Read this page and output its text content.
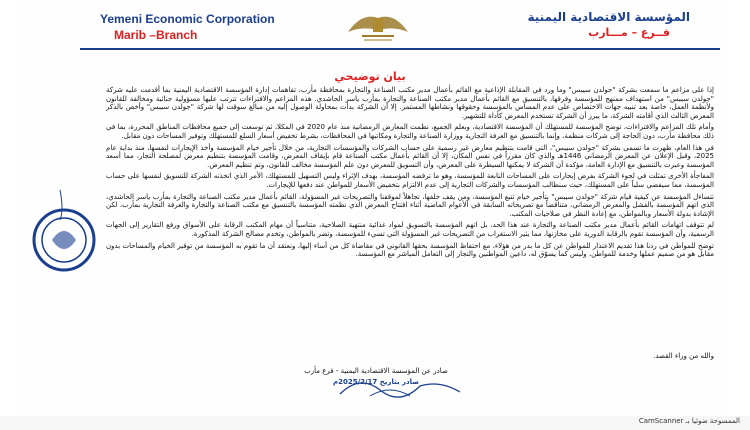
Yemeni Economic Corporation
Marib –Branch
المؤسسة الاقتصادية اليمنية
فــرع – مـــارب
بيان توضيحي

إذا على مزاعم ما سمعت بشركة "جولدن سيبس" وما ورد في المقابلة الإذاعية مع القائم بأعمال مدير مكتب الصناعة والتجارة بمحافظة مأرب، تفاهمات إدارة المؤسسة الاقتصادية اليمنية بما أقدمت عليه شركة "جولدن سيبس" من استهداف ممنهج للمؤسسة وفرقها، بالتنسيق مع القائم بأعمال مدير مكتب الصناعة والتجارة بمأرب ياسر الحاشدي. هذه المزاعم والافتراءات تترتب عليها مسؤولية جنائية ومخالفة للقانون ولأنظمة العمل، خاصة بعد تنبيه جهات الاختصاص على عدم المساس بالمؤسسة وحقوقها ونشاطها المستمر. إلا أن الشركة بدأت بمحاولة الوصول إليه من مبالغ سوقت لها شركة "جولدن سيبس" وأخص بالذكر المعرض الثالث الذي أقامته الشركة، ما يبرز أن الشركة تستخدم المعرض كأداة للتشهير.

وأمام تلك المزاعم والافتراءات، توضح المؤسسة للمستهلك أن المؤسسة الاقتصادية، وبعلم الجميع، نظمت المعارض الرمضانية منذ عام 2020 في المكلا، ثم توسعت إلى جميع محافظات المناطق المحررة، بما في ذلك محافظة مأرب، دون الحاجة إلى شركات منظمة، وإنما بالتنسيق مع الغرفة التجارية ووزارة الصناعة والتجارة ومكاتبها في المحافظات، بشرط تخفيض أسعار السلع للمستهلك وتوفير المساحات دون مقابل.

في هذا العام، ظهرت ما تسمى بشركة "جولدن سيبس"، التي قامت بتنظيم معارض غير رسمية على حساب الشركات والمؤسسات التجارية، من خلال تأجير خيام المؤسسة وأخذ الإيجارات لنفسها، منذ بداية عام 2025، وقبل الإعلان عن المعرض الرمضاني 1446هـ والذي كان مقرراً في نفس المكان، إلا أن القائم بأعمال مكتب الصناعة قام بإيقاف المعرض، وقامت المؤسسة بتنظيم معرض لمصلحة التجار، مما أسعد المؤسسة وعبرت بالتنسيق مع الإدارة العامة، مؤكدة أن الشركة لا يمكنها السيطرة على المعرض، وأن التسويق للمعرض دون علم المؤسسة مخالف للقانون، وتم تنظيم المعرض.

المفاجأة الأخرى تمثلت في لجوء الشركة بفرض إيجارات على المساحات التابعة للمؤسسة، وهو ما ترفضه المؤسسة، بهدف الإثراء وليس التسهيل للمستهلك، الأمر الذي اتخذته الشركة للتسويق لنفسها على حساب المؤسسة، مما سيفضي سلباً على المستهلك، حيث سنطالب المؤسسات والشركات التجارية إلى عدم الالتزام بتخفيض الأسعار للمواطن عند دفعها للإيجارات.

تتساءل المؤسسة عن كيفية قيام شركة "جولدن سيبس" بتأجير خيام تتبع المؤسسة، ومن يقف خلفها، تجاهلاً لموقفنا والتصريحات غير المسؤولة، القائم بأعمال مدير مكتب الصناعة والتجارة بمأرب ياسر الحاشدي، الذي اتهم المؤسسة بالفشل والمعرض الرمضاني، متناقضاً مع تصريحاته السابقة في الأعوام الماضية أثناء افتتاح المعرض الذي نظمته المؤسسة بالتنسيق مع مكتب الصناعة والتجارة والغرفة التجارية بمأرب، لكن الإشادة بدولة الأسعار وبالمواطن، مع إعادة النظر في صلاحيات المكتب.

لم تتوقف اتهامات القائم بأعمال مدير مكتب الصناعة والتجارة عند هذا الحد، بل اتهم المؤسسة بالتسويق لمواد غذائية منتهية الصلاحية، متناسياً أن مهام المكتب الرقابة على الأسواق ورفع التقارير إلى الجهات الرسمية، وأن المؤسسة تقوم بالرقابة الدورية على مخازنها، مما يثير الاستغراب من التصريحات غير المسؤولة التي تسيء للمؤسسة، وتضر بالمواطن، وتخدم مصالح الشركة المذكورة.

توضح للمواطن في ردنا هذا تقديم الاعتذار للمواطن عن كل ما بدر من هؤلاء، مع احتفاظ المؤسسة بحقها القانوني في مقاضاة كل من أساء إليها، ونعتقد أن ما تقوم به المؤسسة من توفير الخيام والمساحات بدون مقابل هو من صميم عملها وخدمة للمواطن، وليس كما يسوّق له، داعين المواطنين والتجار إلى التعامل المباشر مع المؤسسة.

والله من وراء القصد.
صادر عن المؤسسة الاقتصادية اليمنية - فرع مأرب
صادر بتاريخ 2025/2/17م
الممسوحة ضوئيا بـ CamScanner
